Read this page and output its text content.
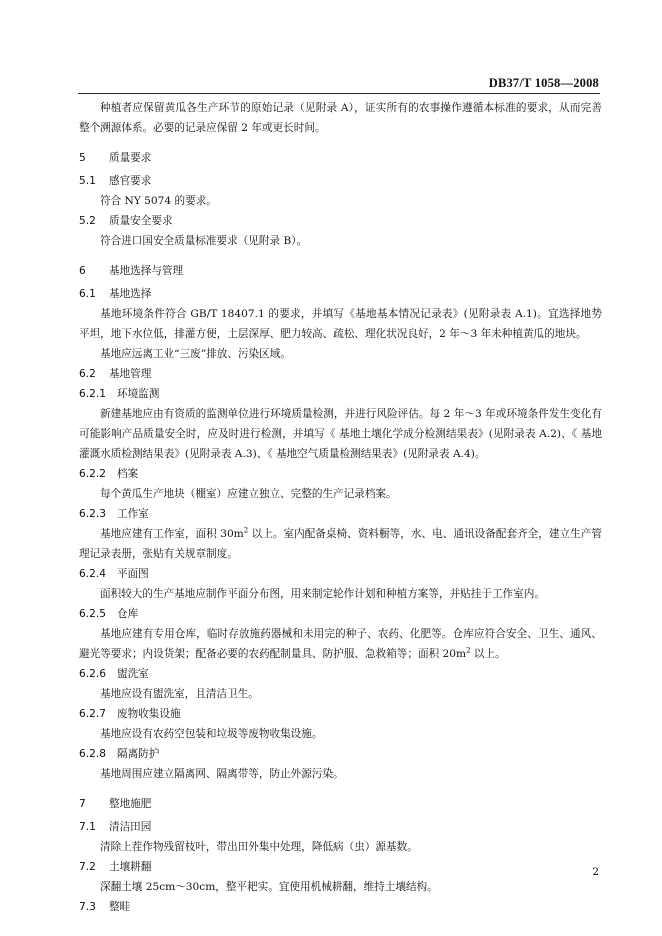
DB37/T 1058—2008
种植者应保留黄瓜各生产环节的原始记录（见附录 A），证实所有的农事操作遵循本标准的要求，从而完善整个溯源体系。必要的记录应保留 2 年或更长时间。
5 质量要求
5.1 感官要求
符合 NY 5074 的要求。
5.2 质量安全要求
符合进口国安全质量标准要求（见附录 B）。
6 基地选择与管理
6.1 基地选择
基地环境条件符合 GB/T 18407.1 的要求，并填写《基地基本情况记录表》(见附录表 A.1)。宜选择地势平坦，地下水位低，排灌方便，土层深厚、肥力较高、疏松、理化状况良好，2 年～3 年未种植黄瓜的地块。
基地应远离工业“三废”排放、污染区域。
6.2 基地管理
6.2.1 环境监测
新建基地应由有资质的监测单位进行环境质量检测，并进行风险评估。每 2 年～3 年或环境条件发生变化有可能影响产品质量安全时，应及时进行检测，并填写《 基地土壤化学成分检测结果表》(见附录表 A.2)、《 基地灌溉水质检测结果表》(见附录表 A.3)、《 基地空气质量检测结果表》(见附录表 A.4)。
6.2.2 档案
每个黄瓜生产地块（棚室）应建立独立、完整的生产记录档案。
6.2.3 工作室
基地应建有工作室，面积 $30m^2$ 以上。室内配备桌椅、资料橱等，水、电、通讯设备配套齐全，建立生产管理记录表册，张贴有关规章制度。
6.2.4 平面图
面积较大的生产基地应制作平面分布图，用来制定轮作计划和种植方案等，并贴挂于工作室内。
6.2.5 仓库
基地应建有专用仓库，临时存放施药器械和未用完的种子、农药、化肥等。仓库应符合安全、卫生、通风、避光等要求；内设货架；配备必要的农药配制量具、防护服、急救箱等；面积 $20m^2$ 以上。
6.2.6 盥洗室
基地应设有盥洗室，且清洁卫生。
6.2.7 废物收集设施
基地应设有农药空包装和垃圾等废物收集设施。
6.2.8 隔离防护
基地周围应建立隔离网、隔离带等，防止外源污染。
7 整地施肥
7.1 清洁田园
清除上茬作物残留枝叶，带出田外集中处理，降低病（虫）源基数。
7.2 土壤耕翻
深翻土壤 25cm～30cm，整平耙实。宜使用机械耕翻，维持土壤结构。
7.3 整畦
2
